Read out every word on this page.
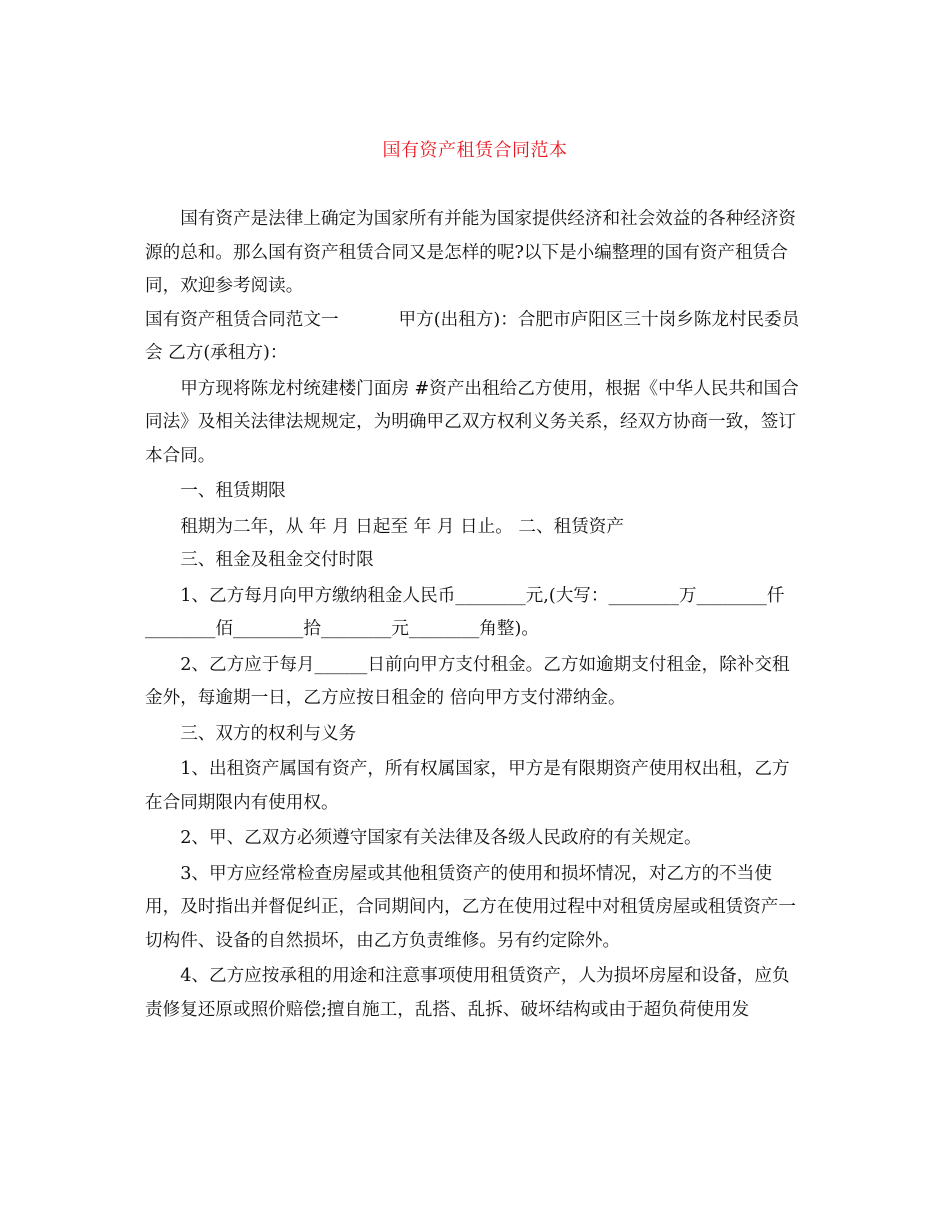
国有资产租赁合同范本

国有资产是法律上确定为国家所有并能为国家提供经济和社会效益的各种经济资源的总和。那么国有资产租赁合同又是怎样的呢?以下是小编整理的国有资产租赁合同，欢迎参考阅读。

国有资产租赁合同范文一	甲方(出租方)：合肥市庐阳区三十岗乡陈龙村民委员会 乙方(承租方)：

甲方现将陈龙村统建楼门面房 #资产出租给乙方使用，根据《中华人民共和国合同法》及相关法律法规规定，为明确甲乙双方权利义务关系，经双方协商一致，签订本合同。

一、租赁期限

租期为二年，从 年 月 日起至 年 月 日止。 二、租赁资产

三、租金及租金交付时限

1、乙方每月向甲方缴纳租金人民币________元,(大写：________万________仟________佰________拾________元________角整)。

2、乙方应于每月______日前向甲方支付租金。乙方如逾期支付租金，除补交租金外，每逾期一日，乙方应按日租金的 倍向甲方支付滞纳金。

三、双方的权利与义务

1、出租资产属国有资产，所有权属国家，甲方是有限期资产使用权出租，乙方在合同期限内有使用权。

2、甲、乙双方必须遵守国家有关法律及各级人民政府的有关规定。

3、甲方应经常检查房屋或其他租赁资产的使用和损坏情况，对乙方的不当使用，及时指出并督促纠正，合同期间内，乙方在使用过程中对租赁房屋或租赁资产一切构件、设备的自然损坏，由乙方负责维修。另有约定除外。

4、乙方应按承租的用途和注意事项使用租赁资产，人为损坏房屋和设备，应负责修复还原或照价赔偿;擅自施工，乱搭、乱拆、破坏结构或由于超负荷使用发
